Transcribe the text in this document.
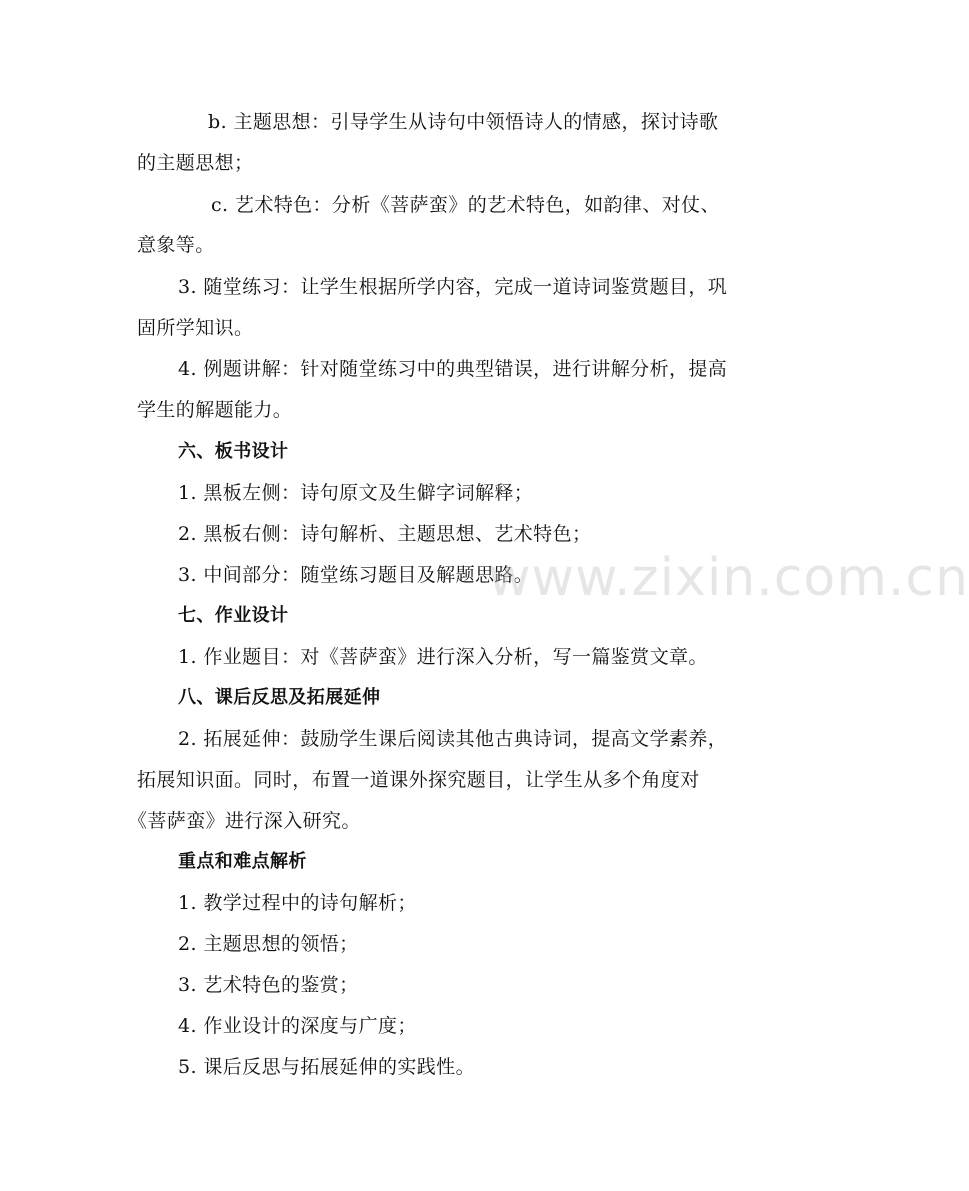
b. 主题思想：引导学生从诗句中领悟诗人的情感，探讨诗歌
的主题思想；
c. 艺术特色：分析《菩萨蛮》的艺术特色，如韵律、对仗、
意象等。
3. 随堂练习：让学生根据所学内容，完成一道诗词鉴赏题目，巩
固所学知识。
4. 例题讲解：针对随堂练习中的典型错误，进行讲解分析，提高
学生的解题能力。
六、板书设计
1. 黑板左侧：诗句原文及生僻字词解释；
2. 黑板右侧：诗句解析、主题思想、艺术特色；
3. 中间部分：随堂练习题目及解题思路。
七、作业设计
1. 作业题目：对《菩萨蛮》进行深入分析，写一篇鉴赏文章。
八、课后反思及拓展延伸
2. 拓展延伸：鼓励学生课后阅读其他古典诗词，提高文学素养，
拓展知识面。同时，布置一道课外探究题目，让学生从多个角度对
《菩萨蛮》进行深入研究。
重点和难点解析
1. 教学过程中的诗句解析；
2. 主题思想的领悟；
3. 艺术特色的鉴赏；
4. 作业设计的深度与广度；
5. 课后反思与拓展延伸的实践性。
www.zixin.com.cn
